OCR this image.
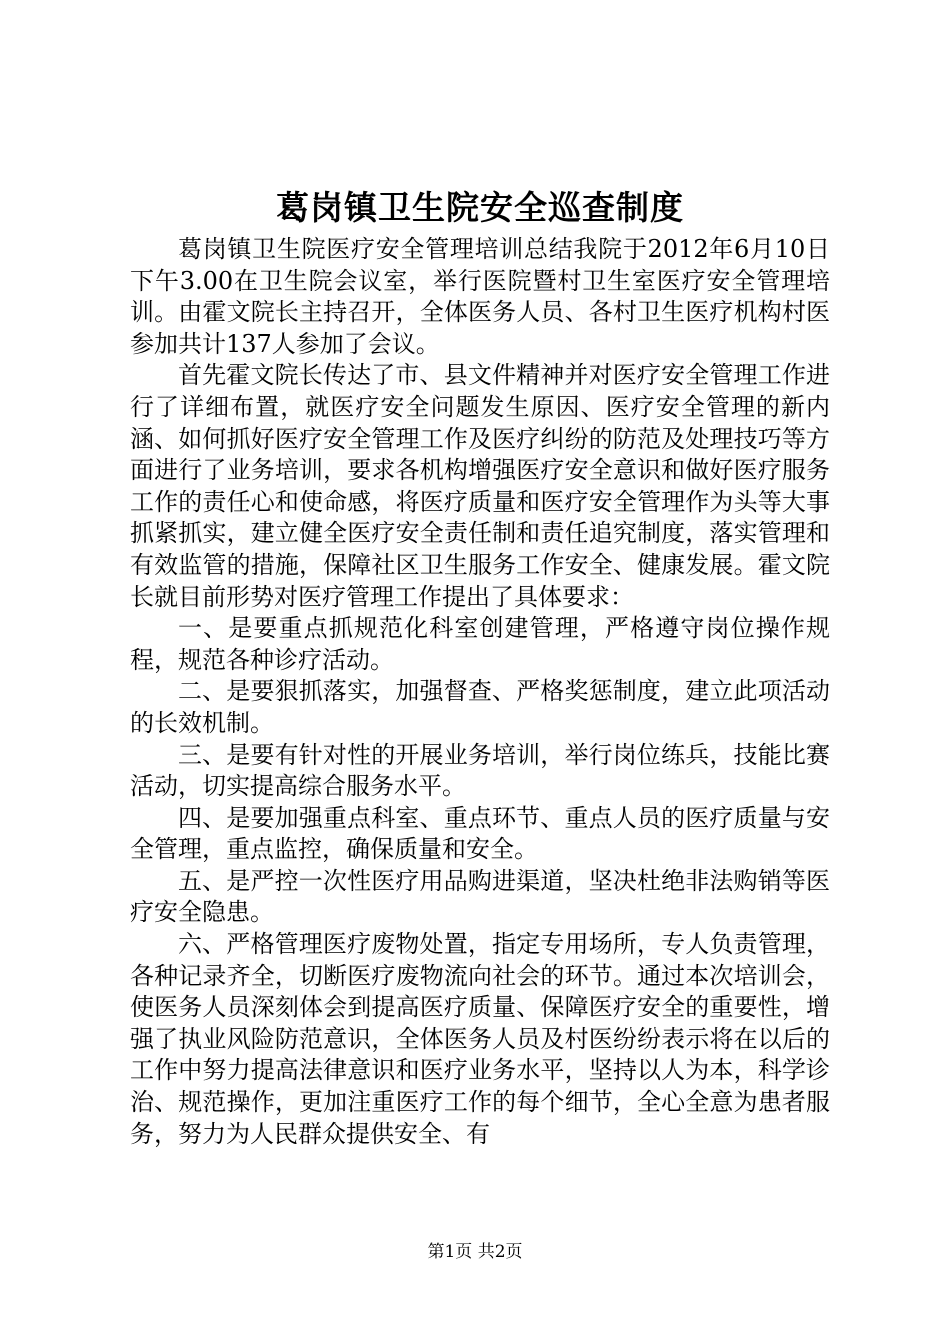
葛岗镇卫生院安全巡查制度

葛岗镇卫生院医疗安全管理培训总结我院于2012年6月10日下午3.00在卫生院会议室，举行医院暨村卫生室医疗安全管理培训。由霍文院长主持召开，全体医务人员、各村卫生医疗机构村医参加共计137人参加了会议。

首先霍文院长传达了市、县文件精神并对医疗安全管理工作进行了详细布置，就医疗安全问题发生原因、医疗安全管理的新内涵、如何抓好医疗安全管理工作及医疗纠纷的防范及处理技巧等方面进行了业务培训，要求各机构增强医疗安全意识和做好医疗服务工作的责任心和使命感，将医疗质量和医疗安全管理作为头等大事抓紧抓实，建立健全医疗安全责任制和责任追究制度，落实管理和有效监管的措施，保障社区卫生服务工作安全、健康发展。霍文院长就目前形势对医疗管理工作提出了具体要求：

一、是要重点抓规范化科室创建管理，严格遵守岗位操作规程，规范各种诊疗活动。

二、是要狠抓落实，加强督查、严格奖惩制度，建立此项活动的长效机制。

三、是要有针对性的开展业务培训，举行岗位练兵，技能比赛活动，切实提高综合服务水平。

四、是要加强重点科室、重点环节、重点人员的医疗质量与安全管理，重点监控，确保质量和安全。

五、是严控一次性医疗用品购进渠道，坚决杜绝非法购销等医疗安全隐患。

六、严格管理医疗废物处置，指定专用场所，专人负责管理，各种记录齐全，切断医疗废物流向社会的环节。通过本次培训会，使医务人员深刻体会到提高医疗质量、保障医疗安全的重要性，增强了执业风险防范意识，全体医务人员及村医纷纷表示将在以后的工作中努力提高法律意识和医疗业务水平，坚持以人为本，科学诊治、规范操作，更加注重医疗工作的每个细节，全心全意为患者服务，努力为人民群众提供安全、有

第1页 共2页
